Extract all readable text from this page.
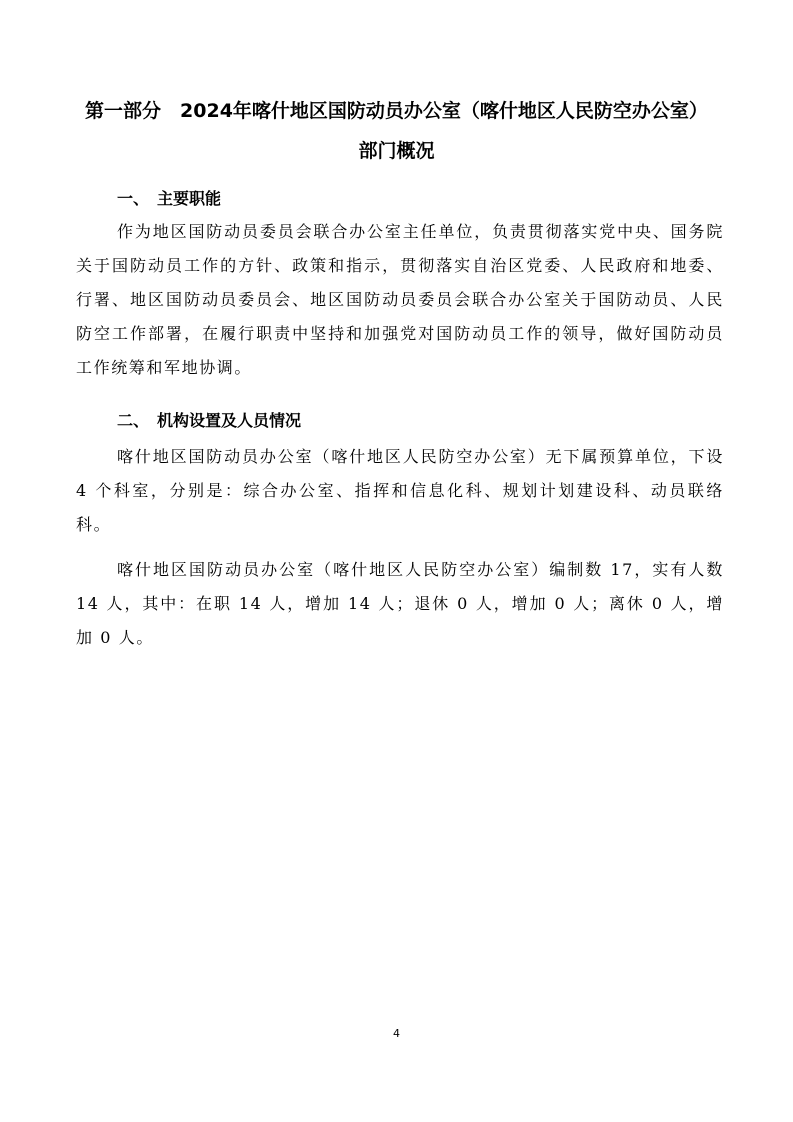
第一部分　2024年喀什地区国防动员办公室（喀什地区人民防空办公室）
部门概况
一、 主要职能

作为地区国防动员委员会联合办公室主任单位，负责贯彻落实党中央、国务院关于国防动员工作的方针、政策和指示，贯彻落实自治区党委、人民政府和地委、行署、地区国防动员委员会、地区国防动员委员会联合办公室关于国防动员、人民防空工作部署，在履行职责中坚持和加强党对国防动员工作的领导，做好国防动员工作统筹和军地协调。

二、 机构设置及人员情况

喀什地区国防动员办公室（喀什地区人民防空办公室）无下属预算单位，下设 4 个科室，分别是：综合办公室、指挥和信息化科、规划计划建设科、动员联络科。

喀什地区国防动员办公室（喀什地区人民防空办公室）编制数 17，实有人数 14 人，其中：在职 14 人，增加 14 人；退休 0 人，增加 0 人；离休 0 人，增加 0 人。

4
